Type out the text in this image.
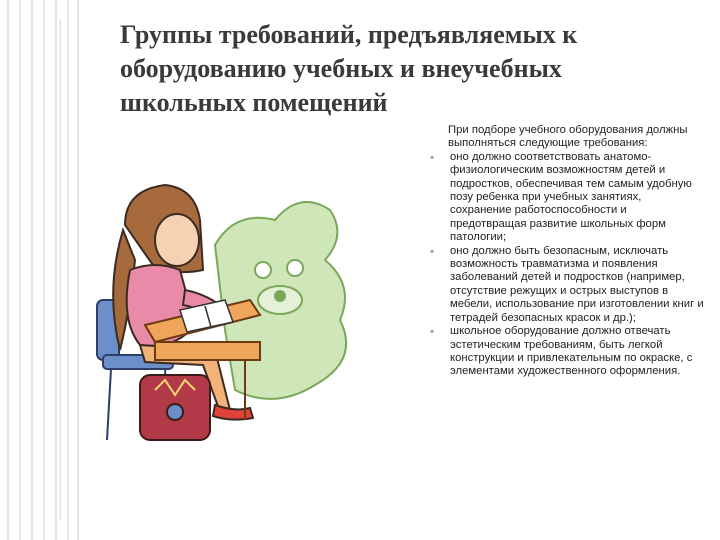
Группы требований, предъявляемых к
оборудованию учебных и внеучебных
школьных помещений

При подборе учебного оборудования должны выполняться следующие требования:

▪	оно должно соответствовать анатомо-физиологическим возможностям детей и подростков, обеспечивая тем самым удобную позу ребенка при учебных занятиях, сохранение работоспособности и предотвращая развитие школьных форм патологии;
▪	оно должно быть безопасным, исключать возможность травматизма и появления заболеваний детей и подростков (например, отсутствие режущих и острых выступов в мебели, использование при изготовлении книг и тетрадей безопасных красок и др.);
▪	школьное оборудование должно отвечать эстетическим требованиям, быть легкой конструкции и привлекательным по окраске, с элементами художественного оформления.
